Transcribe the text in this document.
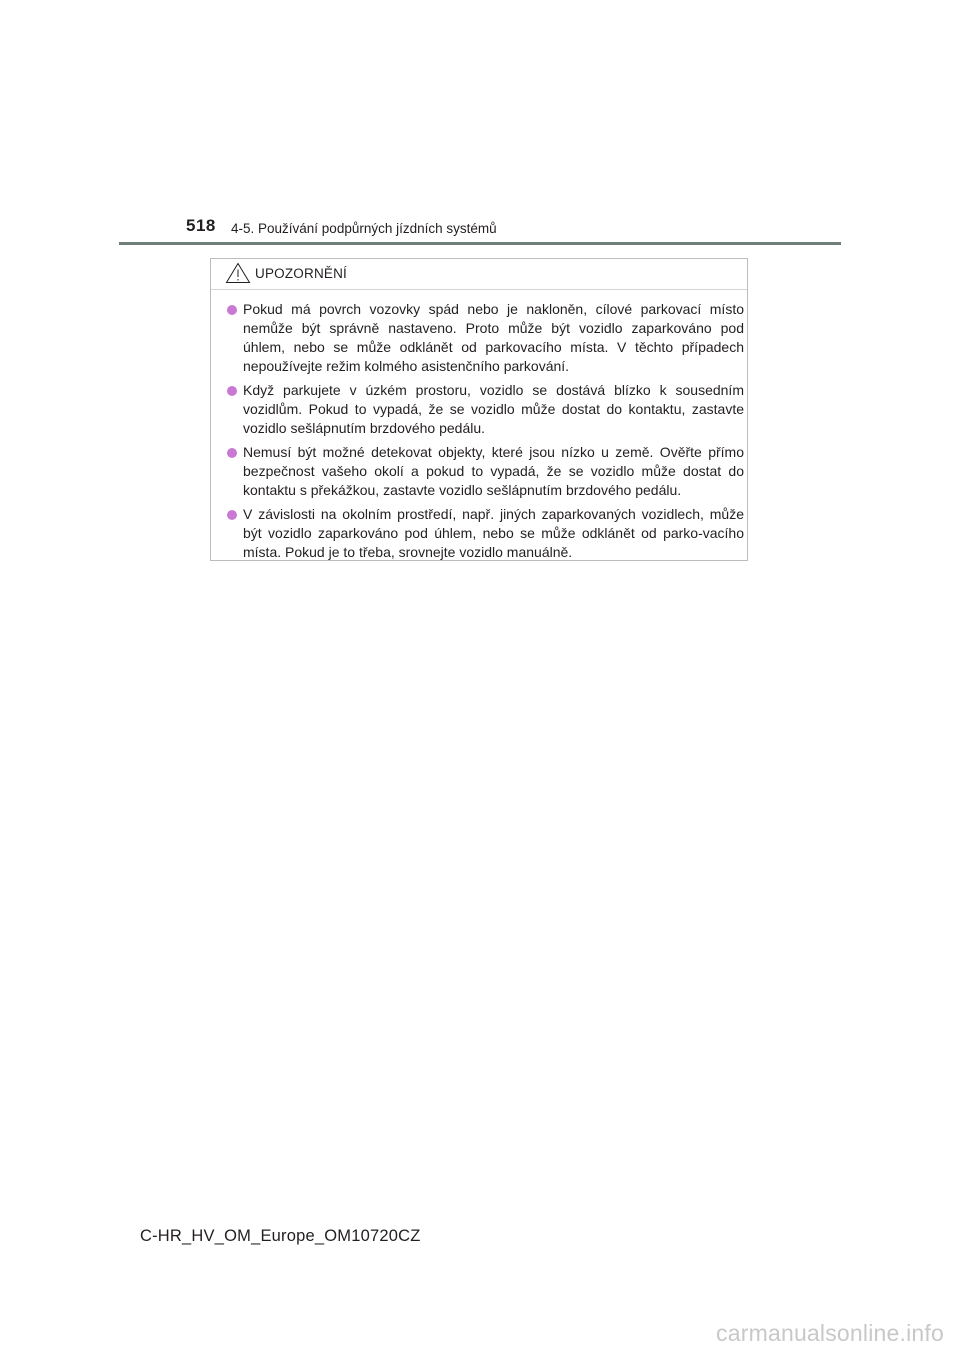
518 4-5. Používání podpůrných jízdních systémů
UPOZORNĚNÍ
Pokud má povrch vozovky spád nebo je nakloněn, cílové parkovací místo nemůže být správně nastaveno. Proto může být vozidlo zaparkováno pod úhlem, nebo se může odklánět od parkovacího místa. V těchto případech nepoužívejte režim kolmého asistenčního parkování.
Když parkujete v úzkém prostoru, vozidlo se dostává blízko k sousedním vozidlům. Pokud to vypadá, že se vozidlo může dostat do kontaktu, zastavte vozidlo sešlápnutím brzdového pedálu.
Nemusí být možné detekovat objekty, které jsou nízko u země. Ověřte přímo bezpečnost vašeho okolí a pokud to vypadá, že se vozidlo může dostat do kontaktu s překážkou, zastavte vozidlo sešlápnutím brzdového pedálu.
V závislosti na okolním prostředí, např. jiných zaparkovaných vozidlech, může být vozidlo zaparkováno pod úhlem, nebo se může odklánět od parko-vacího místa. Pokud je to třeba, srovnejte vozidlo manuálně.
C-HR_HV_OM_Europe_OM10720CZ
carmanualsonline.info
